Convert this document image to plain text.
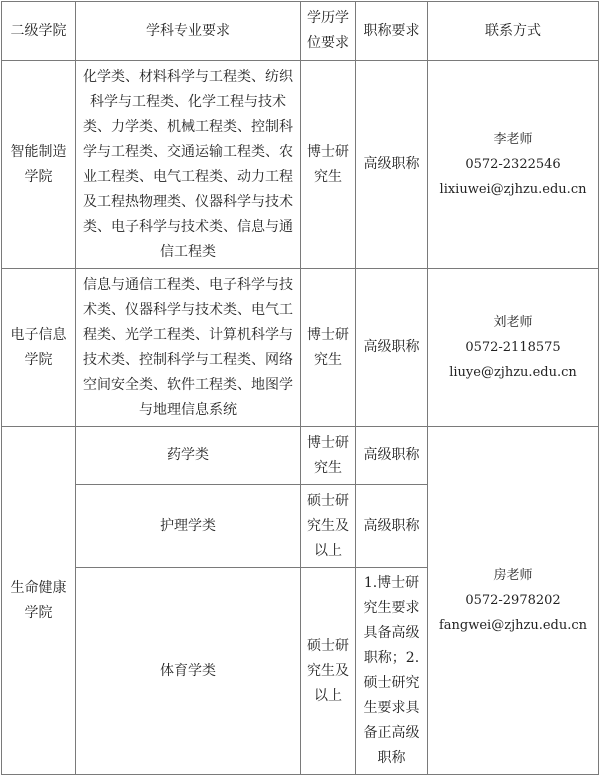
二级学院	学科专业要求	学历学位要求	职称要求	联系方式
智能制造学院	化学类、材料科学与工程类、纺织科学与工程类、化学工程与技术类、力学类、机械工程类、控制科学与工程类、交通运输工程类、农业工程类、电气工程类、动力工程及工程热物理类、仪器科学与技术类、电子科学与技术类、信息与通信工程类	博士研究生	高级职称	李老师
0572-2322546
lixiuwei@zjhzu.edu.cn

电子信息学院	信息与通信工程类、电子科学与技术类、仪器科学与技术类、电气工程类、光学工程类、计算机科学与技术类、控制科学与工程类、网络空间安全类、软件工程类、地图学与地理信息系统	博士研究生	高级职称	刘老师
0572-2118575
liuye@zjhzu.edu.cn

生命健康学院	药学类	博士研究生	高级职称	房老师
0572-2978202
fangwei@zjhzu.edu.cn

	护理学类	硕士研究生及以上	高级职称	
	体育学类	硕士研究生及以上	1.博士研究生要求具备高级职称；2.硕士研究生要求具备正高级职称	
